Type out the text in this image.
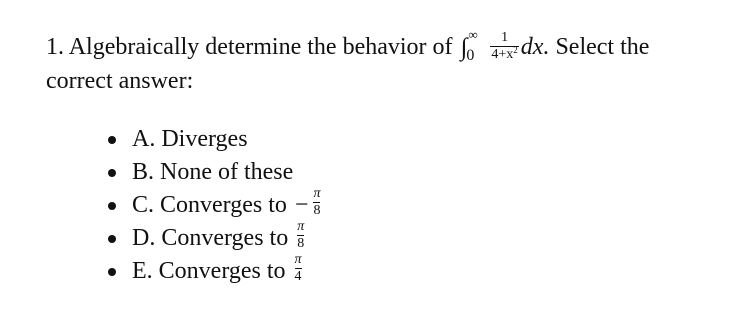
1. Algebraically determine the behavior of ∫ ∞
$0 \frac{1}{4+x^2}$ dx. Select the
correct answer:
A. Diverges
B. None of these
C. Converges to − $\frac{\pi}{8}$
D. Converges to $\frac{\pi}{8}$
E. Converges to $\frac{\pi}{4}$
